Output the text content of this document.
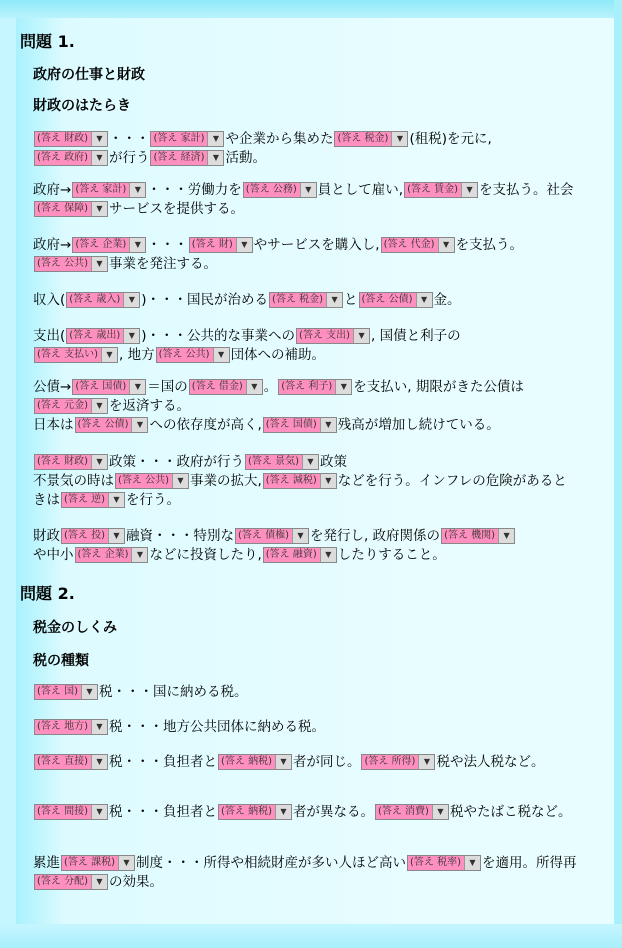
問題 1.
政府の仕事と財政
財政のはたらき

(答え 財政)	▼ ・・・ (答え 家計)	▼ や企業から集めた (答え 税金)	▼ (租税)を元に,
(答え 政府)	▼ が行う (答え 経済)	▼ 活動。

政府→ (答え 家計)	▼ ・・・労働力を (答え 公務)	▼ 員として雇い, (答え 賃金)	▼ を支払う。社会(答え 保障)	▼ サービスを提供する。

政府→ (答え 企業)	▼ ・・・ (答え 財)	▼ やサービスを購入し, (答え 代金)	▼ を支払う。
(答え 公共)	▼ 事業を発注する。

収入( (答え 歳入)	▼ )・・・国民が治める (答え 税金)	▼ と (答え 公債)	▼ 金。

支出( (答え 歳出)	▼ )・・・公共的な事業への (答え 支出)	▼ , 国債と利子の
(答え 支払い)	▼ , 地方 (答え 公共)	▼ 団体への補助。

公債→ (答え 国債)	▼ ＝国の (答え 借金)	▼ 。 (答え 利子)	▼ を支払い, 期限がきた公債は(答え 元金)	▼ を返済する。
日本は (答え 公債)	▼ への依存度が高く, (答え 国債)	▼ 残高が増加し続けている。

(答え 財政)	▼ 政策・・・政府が行う (答え 景気)	▼ 政策
不景気の時は (答え 公共)	▼ 事業の拡大, (答え 減税)	▼ などを行う。インフレの危険があるときは (答え 逆)	▼ を行う。

財政 (答え 投)	▼ 融資・・・特別な (答え 債権)	▼ を発行し, 政府関係の (答え 機関)	▼

や中小 (答え 企業)	▼ などに投資したり, (答え 融資)	▼ したりすること。

問題 2.
税金のしくみ
税の種類

(答え 国)	▼ 税・・・国に納める税。

(答え 地方)	▼ 税・・・地方公共団体に納める税。

(答え 直接)	▼ 税・・・負担者と (答え 納税)	▼ 者が同じ。 (答え 所得)	▼ 税や法人税など。

(答え 間接)	▼ 税・・・負担者と (答え 納税)	▼ 者が異なる。 (答え 消費)	▼ 税やたばこ税など。

累進 (答え 課税)	▼ 制度・・・所得や相続財産が多い人ほど高い (答え 税率)	▼ を適用。所得再(答え 分配)	▼ の効果。
